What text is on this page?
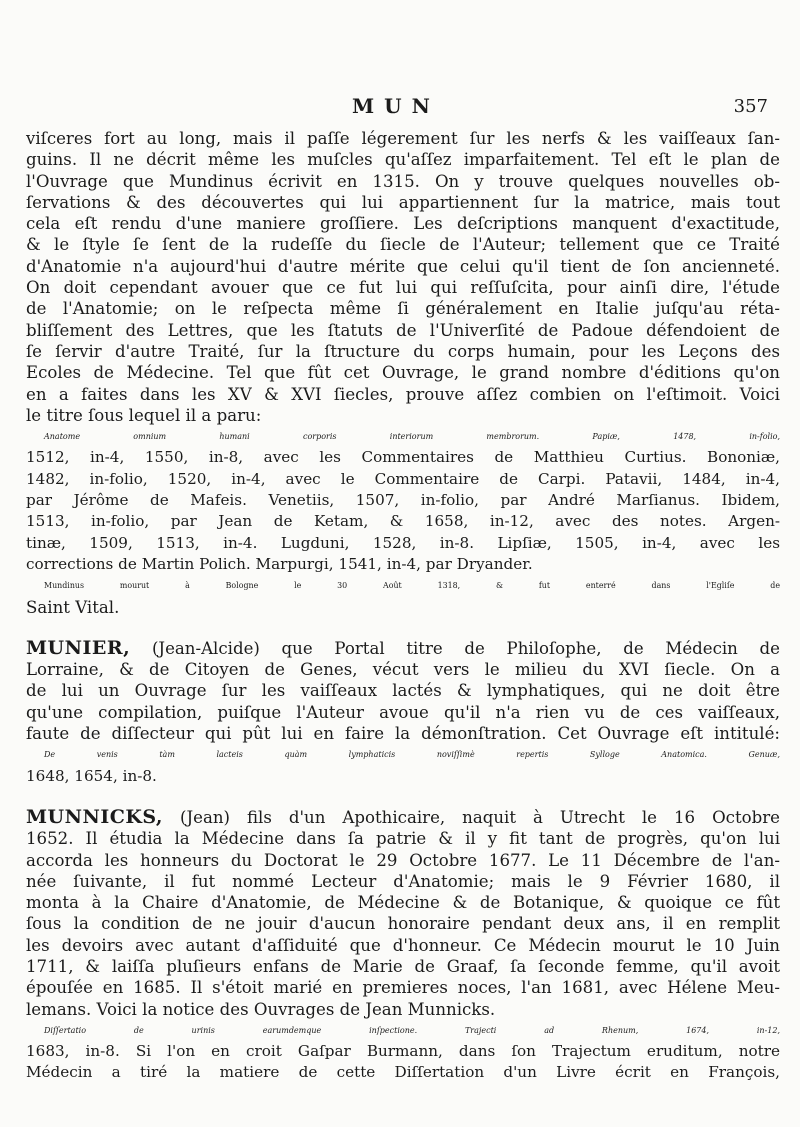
MUN	357
viſceres fort au long, mais il paſſe légerement ſur les nerfs & les vaiſſeaux ſan-
guins. Il ne décrit même les muſcles qu'aſſez imparfaitement. Tel eſt le plan de
l'Ouvrage que Mundinus écrivit en 1315. On y trouve quelques nouvelles ob-
ſervations & des découvertes qui lui appartiennent ſur la matrice, mais tout
cela eſt rendu d'une maniere groſſiere. Les deſcriptions manquent d'exactitude,
& le ſtyle ſe ſent de la rudeſſe du ſiecle de l'Auteur; tellement que ce Traité
d'Anatomie n'a aujourd'hui d'autre mérite que celui qu'il tient de ſon ancienneté.
On doit cependant avouer que ce fut lui qui reſſuſcita, pour ainſi dire, l'étude
de l'Anatomie; on le reſpecta même ſi généralement en Italie juſqu'au réta-
bliſſement des Lettres, que les ſtatuts de l'Univerſité de Padoue défendoient de
ſe ſervir d'autre Traité, ſur la ſtructure du corps humain, pour les Leçons des
Ecoles de Médecine. Tel que fût cet Ouvrage, le grand nombre d'éditions qu'on
en a faites dans les XV & XVI ſiecles, prouve aſſez combien on l'eſtimoit. Voici
le titre ſous lequel il a paru:
Anatome omnium humani corporis interiorum membrorum. Papiæ, 1478, in-folio,
1512, in-4, 1550, in-8, avec les Commentaires de Matthieu Curtius. Bononiæ,
1482, in-folio, 1520, in-4, avec le Commentaire de Carpi. Patavii, 1484, in-4,
par Jérôme de Mafeis. Venetiis, 1507, in-folio, par André Marſianus. Ibidem,
1513, in-folio, par Jean de Ketam, & 1658, in-12, avec des notes. Argen-
tinæ, 1509, 1513, in-4. Lugduni, 1528, in-8. Lipſiæ, 1505, in-4, avec les
corrections de Martin Polich. Marpurgi, 1541, in-4, par Dryander.
Mundinus mourut à Bologne le 30 Août 1318, & fut enterré dans l'Egliſe de
Saint Vital.
MUNIER, (Jean-Alcide) que Portal titre de Philoſophe, de Médecin de
Lorraine, & de Citoyen de Genes, vécut vers le milieu du XVI ſiecle. On a
de lui un Ouvrage ſur les vaiſſeaux lactés & lymphatiques, qui ne doit être
qu'une compilation, puiſque l'Auteur avoue qu'il n'a rien vu de ces vaiſſeaux,
faute de diſſecteur qui pût lui en faire la démonſtration. Cet Ouvrage eſt intitulé:
De venis tàm lacteis quàm lymphaticis noviſſimè repertis Sylloge Anatomica. Genuæ,
1648, 1654, in-8.
MUNNICKS, (Jean) fils d'un Apothicaire, naquit à Utrecht le 16 Octobre
1652. Il étudia la Médecine dans ſa patrie & il y fit tant de progrès, qu'on lui
accorda les honneurs du Doctorat le 29 Octobre 1677. Le 11 Décembre de l'an-
née ſuivante, il fut nommé Lecteur d'Anatomie; mais le 9 Février 1680, il
monta à la Chaire d'Anatomie, de Médecine & de Botanique, & quoique ce fût
ſous la condition de ne jouir d'aucun honoraire pendant deux ans, il en remplit
les devoirs avec autant d'aſſiduité que d'honneur. Ce Médecin mourut le 10 Juin
1711, & laiſſa pluſieurs enfans de Marie de Graaf, ſa ſeconde femme, qu'il avoit
épouſée en 1685. Il s'étoit marié en premieres noces, l'an 1681, avec Hélene Meu-
lemans. Voici la notice des Ouvrages de Jean Munnicks.
Diſſertatio de urinis earumdemque inſpectione. Trajecti ad Rhenum, 1674, in-12,
1683, in-8. Si l'on en croit Gaſpar Burmann, dans ſon Trajectum eruditum, notre
Médecin a tiré la matiere de cette Diſſertation d'un Livre écrit en François,
